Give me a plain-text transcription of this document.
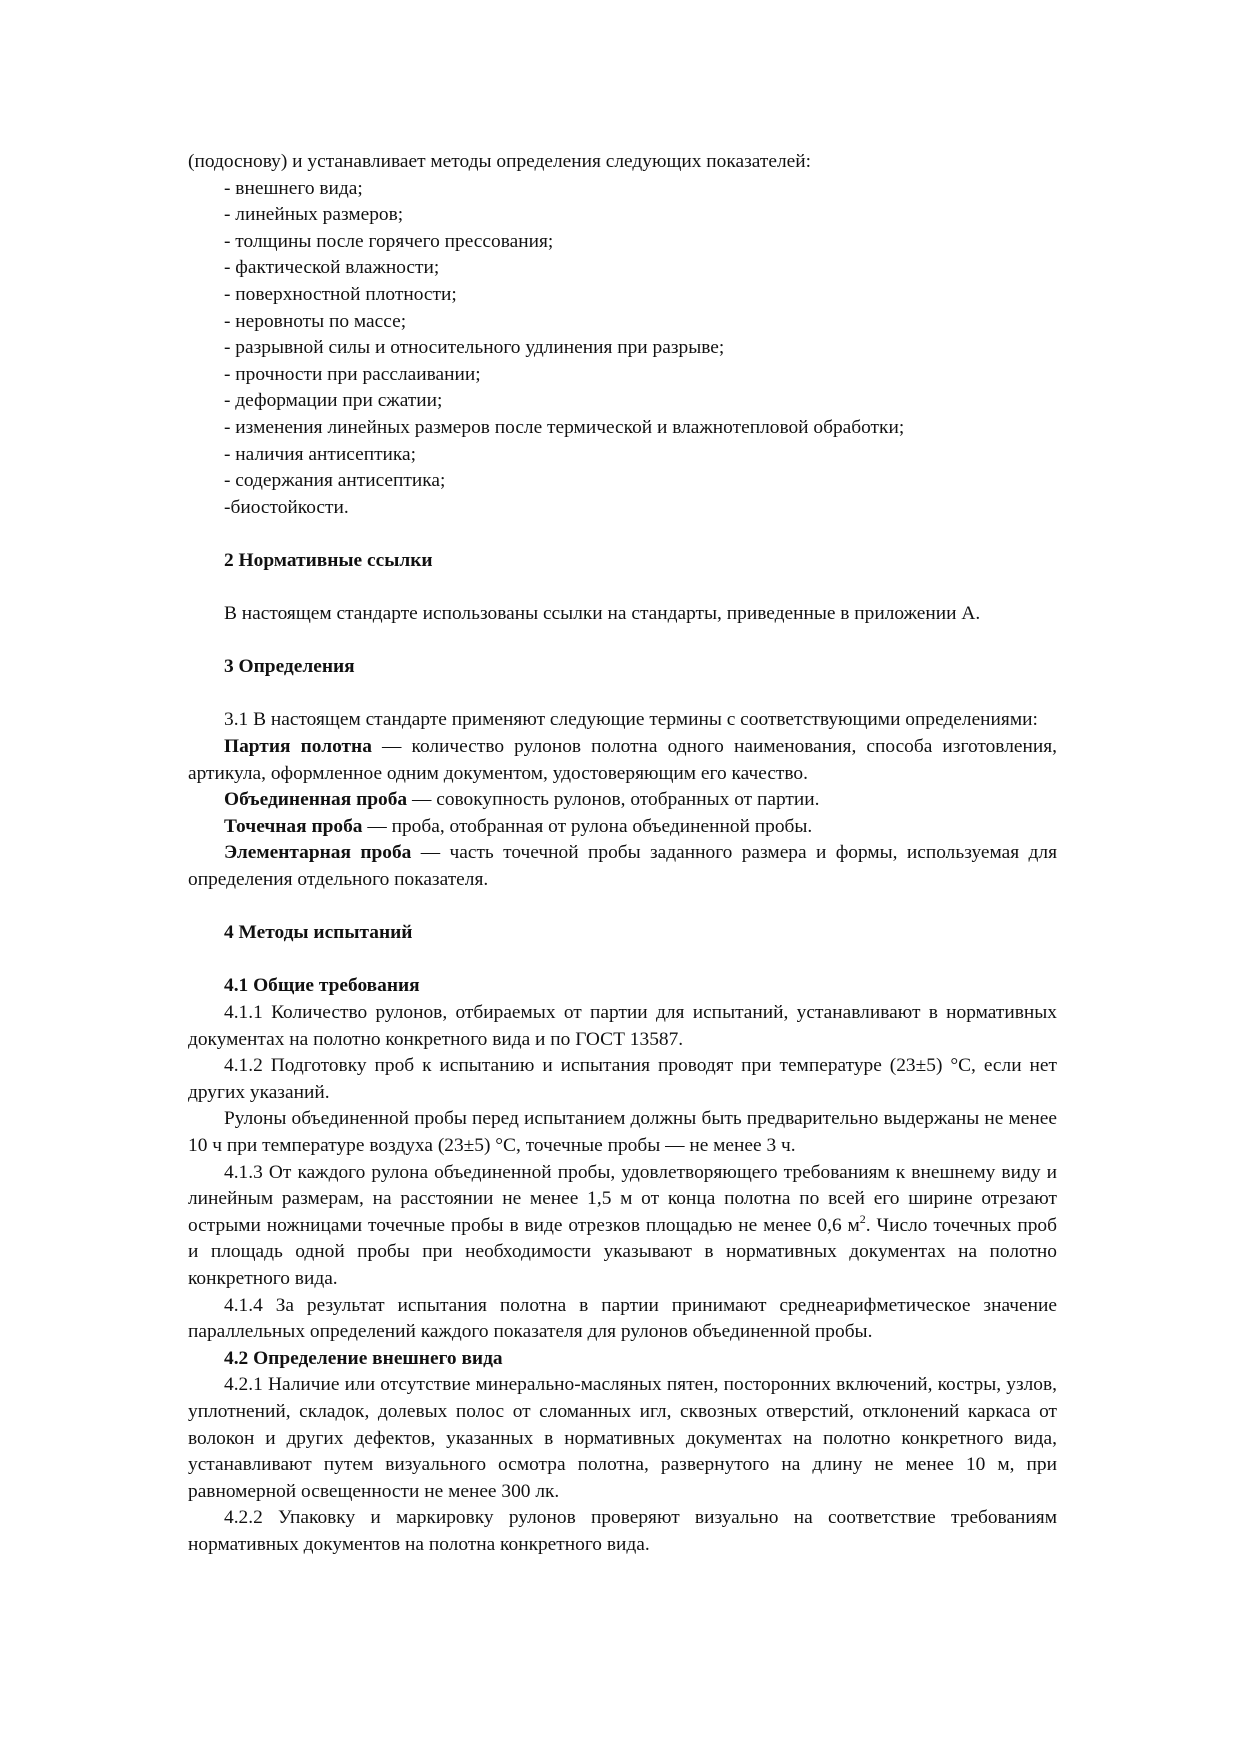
(подоснову) и устанавливает методы определения следующих показателей:

- внешнего вида;

- линейных размеров;

- толщины после горячего прессования;

- фактической влажности;

- поверхностной плотности;

- неровноты по массе;

- разрывной силы и относительного удлинения при разрыве;

- прочности при расслаивании;

- деформации при сжатии;

- изменения линейных размеров после термической и влажнотепловой обработки;

- наличия антисептика;

- содержания антисептика;

-биостойкости.

2 Нормативные ссылки

В настоящем стандарте использованы ссылки на стандарты, приведенные в приложении А.

3 Определения

3.1 В настоящем стандарте применяют следующие термины с соответствующими определениями:

Партия полотна — количество рулонов полотна одного наименования, способа изготовления, артикула, оформленное одним документом, удостоверяющим его качество.

Объединенная проба — совокупность рулонов, отобранных от партии.

Точечная проба — проба, отобранная от рулона объединенной пробы.

Элементарная проба — часть точечной пробы заданного размера и формы, используемая для определения отдельного показателя.

4 Методы испытаний

4.1 Общие требования

4.1.1 Количество рулонов, отбираемых от партии для испытаний, устанавливают в нормативных документах на полотно конкретного вида и по ГОСТ 13587.

4.1.2 Подготовку проб к испытанию и испытания проводят при температуре (23±5) °С, если нет других указаний.

Рулоны объединенной пробы перед испытанием должны быть предварительно выдержаны не менее 10 ч при температуре воздуха (23±5) °С, точечные пробы — не менее 3 ч.

4.1.3 От каждого рулона объединенной пробы, удовлетворяющего требованиям к внешнему виду и линейным размерам, на расстоянии не менее 1,5 м от конца полотна по всей его ширине отрезают острыми ножницами точечные пробы в виде отрезков площадью не менее 0,6 $м^2$. Число точечных проб и площадь одной пробы при необходимости указывают в нормативных документах на полотно конкретного вида.

4.1.4 За результат испытания полотна в партии принимают среднеарифметическое значение параллельных определений каждого показателя для рулонов объединенной пробы.

4.2 Определение внешнего вида

4.2.1 Наличие или отсутствие минерально-масляных пятен, посторонних включений, костры, узлов, уплотнений, складок, долевых полос от сломанных игл, сквозных отверстий, отклонений каркаса от волокон и других дефектов, указанных в нормативных документах на полотно конкретного вида, устанавливают путем визуального осмотра полотна, развернутого на длину не менее 10 м, при равномерной освещенности не менее 300 лк.

4.2.2 Упаковку и маркировку рулонов проверяют визуально на соответствие требованиям нормативных документов на полотна конкретного вида.
